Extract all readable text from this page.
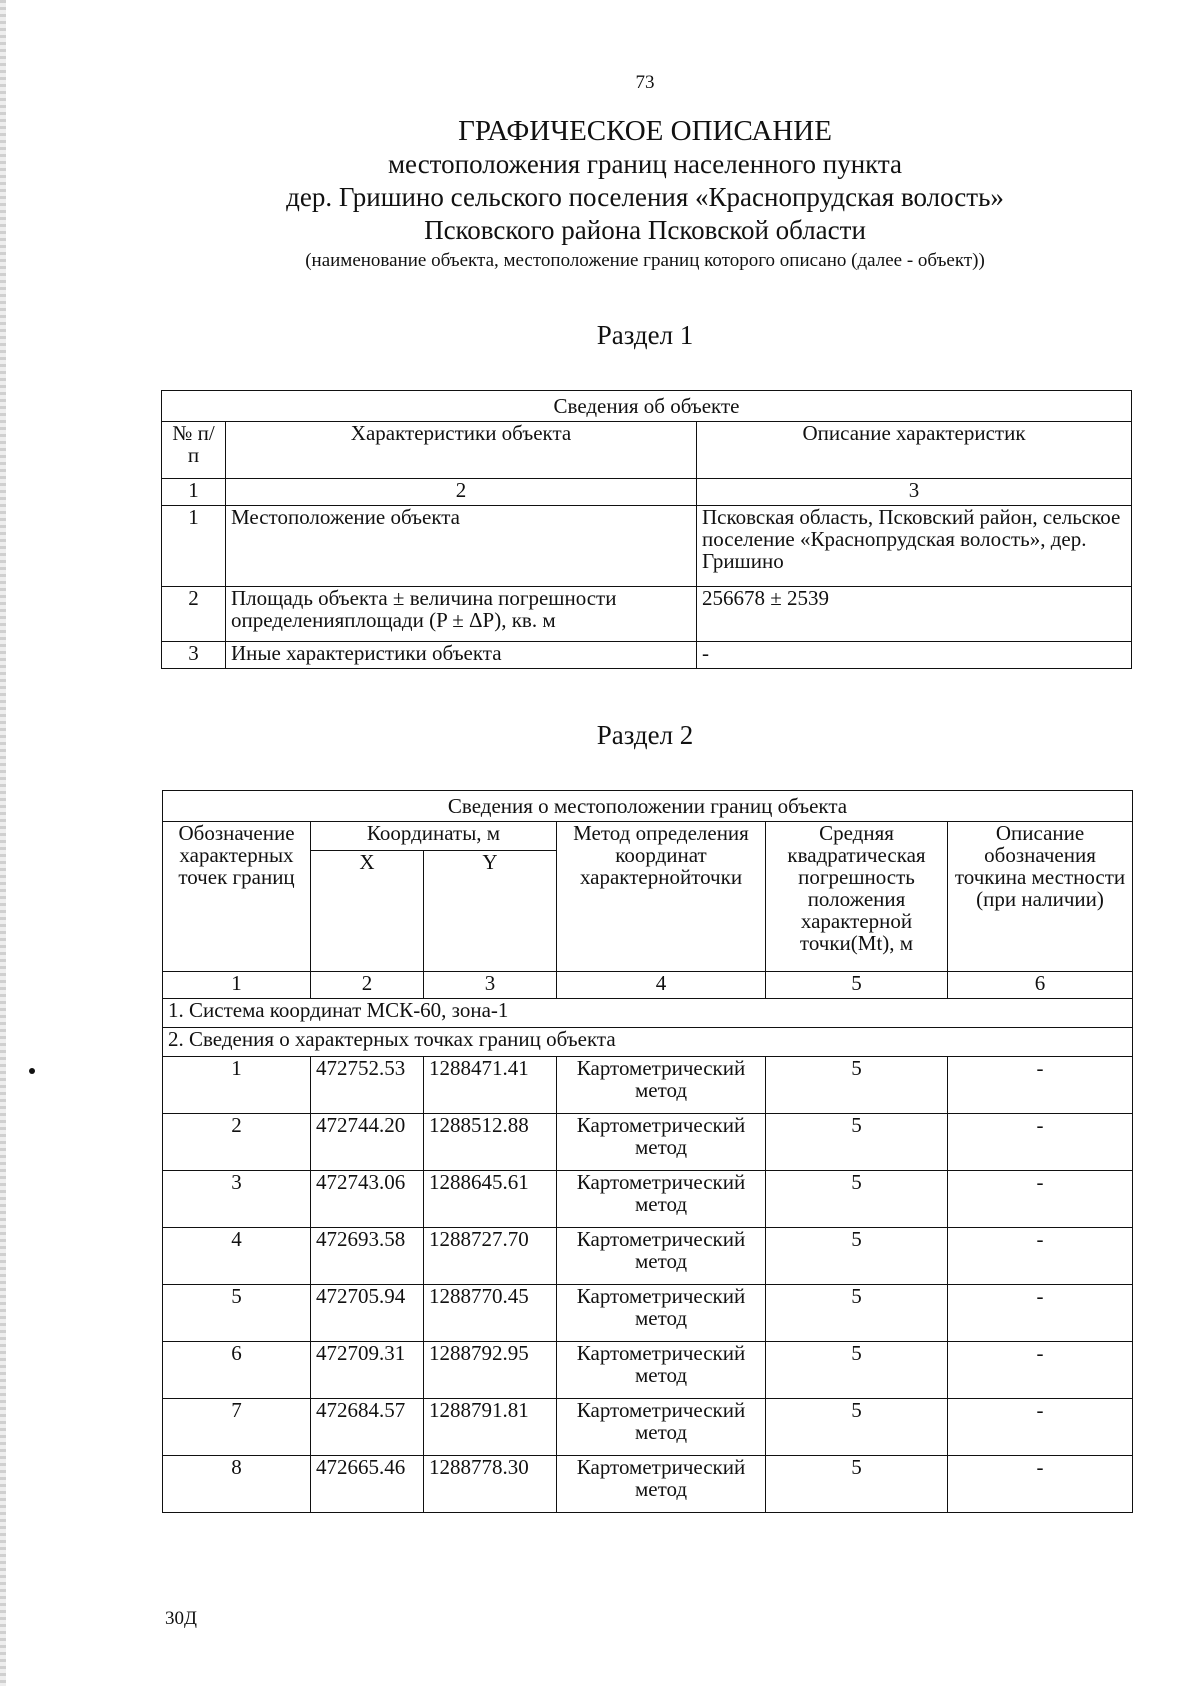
73
ГРАФИЧЕСКОЕ ОПИСАНИЕ
местоположения границ населенного пункта
дер. Гришино сельского поселения «Краснопрудская волость»
Псковского района Псковской области
(наименование объекта, местоположение границ которого описано (далее - объект))
Раздел 1
Сведения об объекте		
№ п/п	Характеристики объекта	Описание характеристик
1	2	3
1	Местоположение объекта	Псковская область, Псковский район, сельское поселение «Краснопрудская волость», дер. Гришино
2	Площадь объекта ± величина погрешности определенияплощади (P ± ΔP), кв. м	256678 ± 2539
3	Иные характеристики объекта	-
Раздел 2
Сведения о местоположении границ объекта					
Обозначение характерных точек границ	Координаты, м		Метод определения координат характернойточки	Средняя квадратическая погрешность положения характерной точки(Mt), м	Описание обозначения точкина местности (при наличии)
	X	Y			
1	2	3	4	5	6
1. Система координат МСК-60, зона-1					
2. Сведения о характерных точках границ объекта					
1	472752.53	1288471.41	Картометрический метод	5	-
2	472744.20	1288512.88	Картометрический метод	5	-
3	472743.06	1288645.61	Картометрический метод	5	-
4	472693.58	1288727.70	Картометрический метод	5	-
5	472705.94	1288770.45	Картометрический метод	5	-
6	472709.31	1288792.95	Картометрический метод	5	-
7	472684.57	1288791.81	Картометрический метод	5	-
8	472665.46	1288778.30	Картометрический метод	5	-
30Д
